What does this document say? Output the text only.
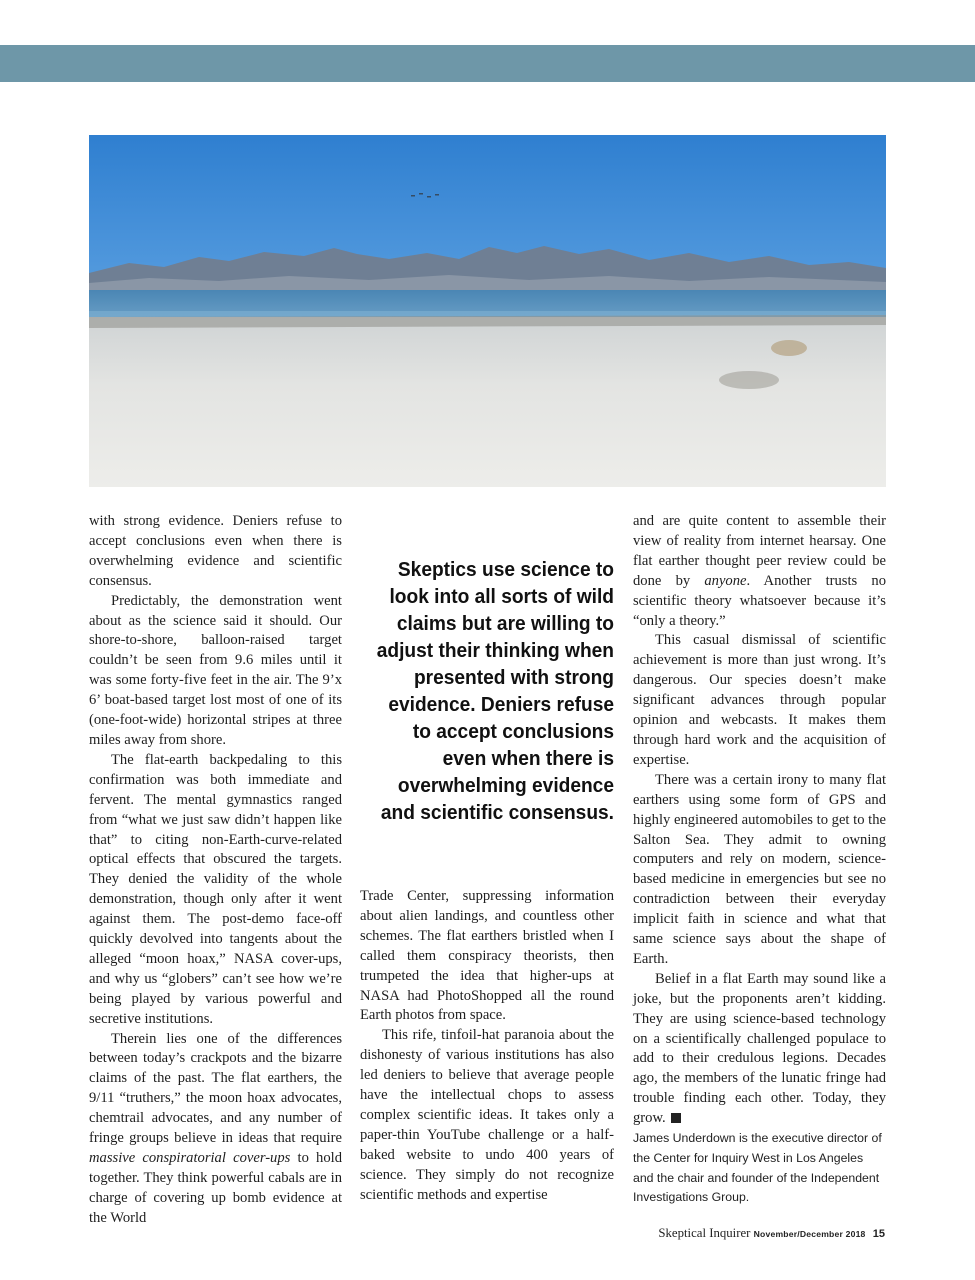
with strong evidence. Deniers refuse to accept conclusions even when there is overwhelming evidence and scientific consensus.

Predictably, the demonstration went about as the science said it should. Our shore-to-shore, balloon-raised target couldn’t be seen from 9.6 miles until it was some forty-five feet in the air. The 9’x 6’ boat-based target lost most of one of its (one-foot-wide) horizontal stripes at three miles away from shore.

The flat-earth backpedaling to this confirmation was both immediate and fervent. The mental gymnastics ranged from “what we just saw didn’t happen like that” to citing non-Earth-curve-related optical effects that obscured the targets. They denied the validity of the whole demonstration, though only after it went against them. The post-demo face-off quickly devolved into tangents about the alleged “moon hoax,” NASA cover-ups, and why us “globers” can’t see how we’re being played by various powerful and secretive institutions.

Therein lies one of the differences between today’s crackpots and the bizarre claims of the past. The flat earthers, the 9/11 “truthers,” the moon hoax advocates, chemtrail advocates, and any number of fringe groups believe in ideas that require massive conspiratorial cover-ups to hold together. They think powerful cabals are in charge of covering up bomb evidence at the World

Skeptics use science to look into all sorts of wild claims but are willing to adjust their thinking when presented with strong evidence. Deniers refuse to accept conclusions even when there is overwhelming evidence and scientific consensus.

Trade Center, suppressing information about alien landings, and countless other schemes. The flat earthers bristled when I called them conspiracy theorists, then trumpeted the idea that higher-ups at NASA had PhotoShopped all the round Earth photos from space.

This rife, tinfoil-hat paranoia about the dishonesty of various institutions has also led deniers to believe that average people have the intellectual chops to assess complex scientific ideas. It takes only a paper-thin YouTube challenge or a half-baked website to undo 400 years of science. They simply do not recognize scientific methods and expertise

and are quite content to assemble their view of reality from internet hearsay. One flat earther thought peer review could be done by anyone. Another trusts no scientific theory whatsoever because it’s “only a theory.”

This casual dismissal of scientific achievement is more than just wrong. It’s dangerous. Our species doesn’t make significant advances through popular opinion and webcasts. It makes them through hard work and the acquisition of expertise.

There was a certain irony to many flat earthers using some form of GPS and highly engineered automobiles to get to the Salton Sea. They admit to owning computers and rely on modern, science-based medicine in emergencies but see no contradiction between their everyday implicit faith in science and what that same science says about the shape of Earth.

Belief in a flat Earth may sound like a joke, but the proponents aren’t kidding. They are using science-based technology on a scientifically challenged populace to add to their credulous legions. Decades ago, the members of the lunatic fringe had trouble finding each other. Today, they grow.

James Underdown is the executive director of the Center for Inquiry West in Los Angeles and the chair and founder of the Independent Investigations Group.

Skeptical Inquirer November/December 2018 15
